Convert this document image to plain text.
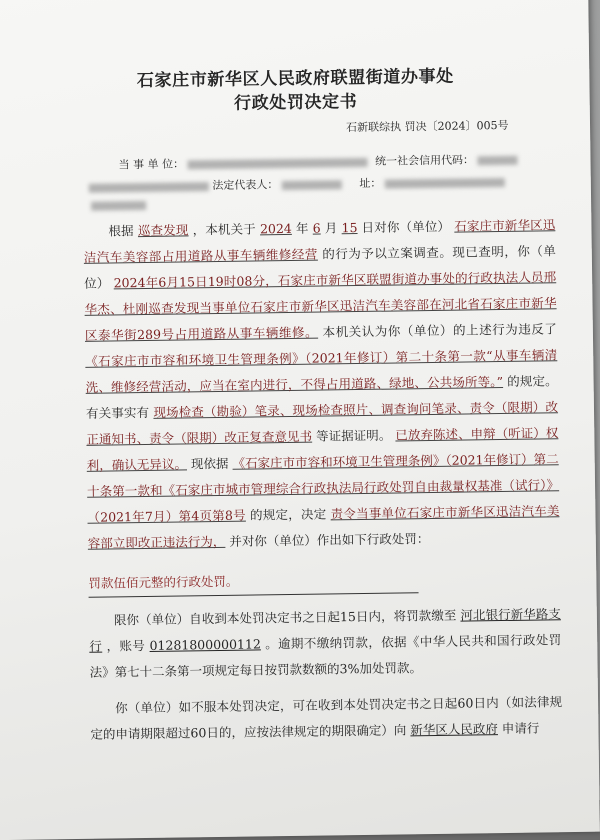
石家庄市新华区人民政府联盟街道办事处
行政处罚决定书
石新联综执 罚决〔2024〕005号
当 事 单 位：	统一社会信用代码：
法定代表人：	址：

根据 巡查发现 ，本机关于 2024 年 6 月 15 日对你（单位） 石家庄市新华区迅洁汽车美容部占用道路从事车辆维修经营 的行为予以立案调查。现已查明，你（单位） 2024年6月15日19时08分，石家庄市新华区联盟街道办事处的行政执法人员邢华杰、杜刚巡查发现当事单位石家庄市新华区迅洁汽车美容部在河北省石家庄市新华区泰华街289号占用道路从事车辆维修。 本机关认为你（单位）的上述行为违反了 《石家庄市市容和环境卫生管理条例》（2021年修订）第二十条第一款“从事车辆清洗、维修经营活动，应当在室内进行，不得占用道路、绿地、公共场所等。” 的规定。有关事实有 现场检查（勘验）笔录、现场检查照片、调查询问笔录、责令（限期）改正通知书、责令（限期）改正复查意见书 等证据证明。 已放弃陈述、申辩（听证）权利，确认无异议。 现依据 《石家庄市市容和环境卫生管理条例》（2021年修订）第二十条第一款和《石家庄市城市管理综合行政执法局行政处罚自由裁量权基准（试行）》（2021年7月）第4页第8号 的规定，决定 责令当事单位石家庄市新华区迅洁汽车美容部立即改正违法行为， 并对你（单位）作出如下行政处罚：

罚款伍佰元整的行政处罚。

限你（单位）自收到本处罚决定书之日起15日内，将罚款缴至 河北银行新华路支行 ，账号 01281800000112 。逾期不缴纳罚款，依据《中华人民共和国行政处罚法》第七十二条第一项规定每日按罚款数额的3%加处罚款。

你（单位）如不服本处罚决定，可在收到本处罚决定书之日起60日内（如法律规定的申请期限超过60日的，应按法律规定的期限确定）向 新华区人民政府 申请行
